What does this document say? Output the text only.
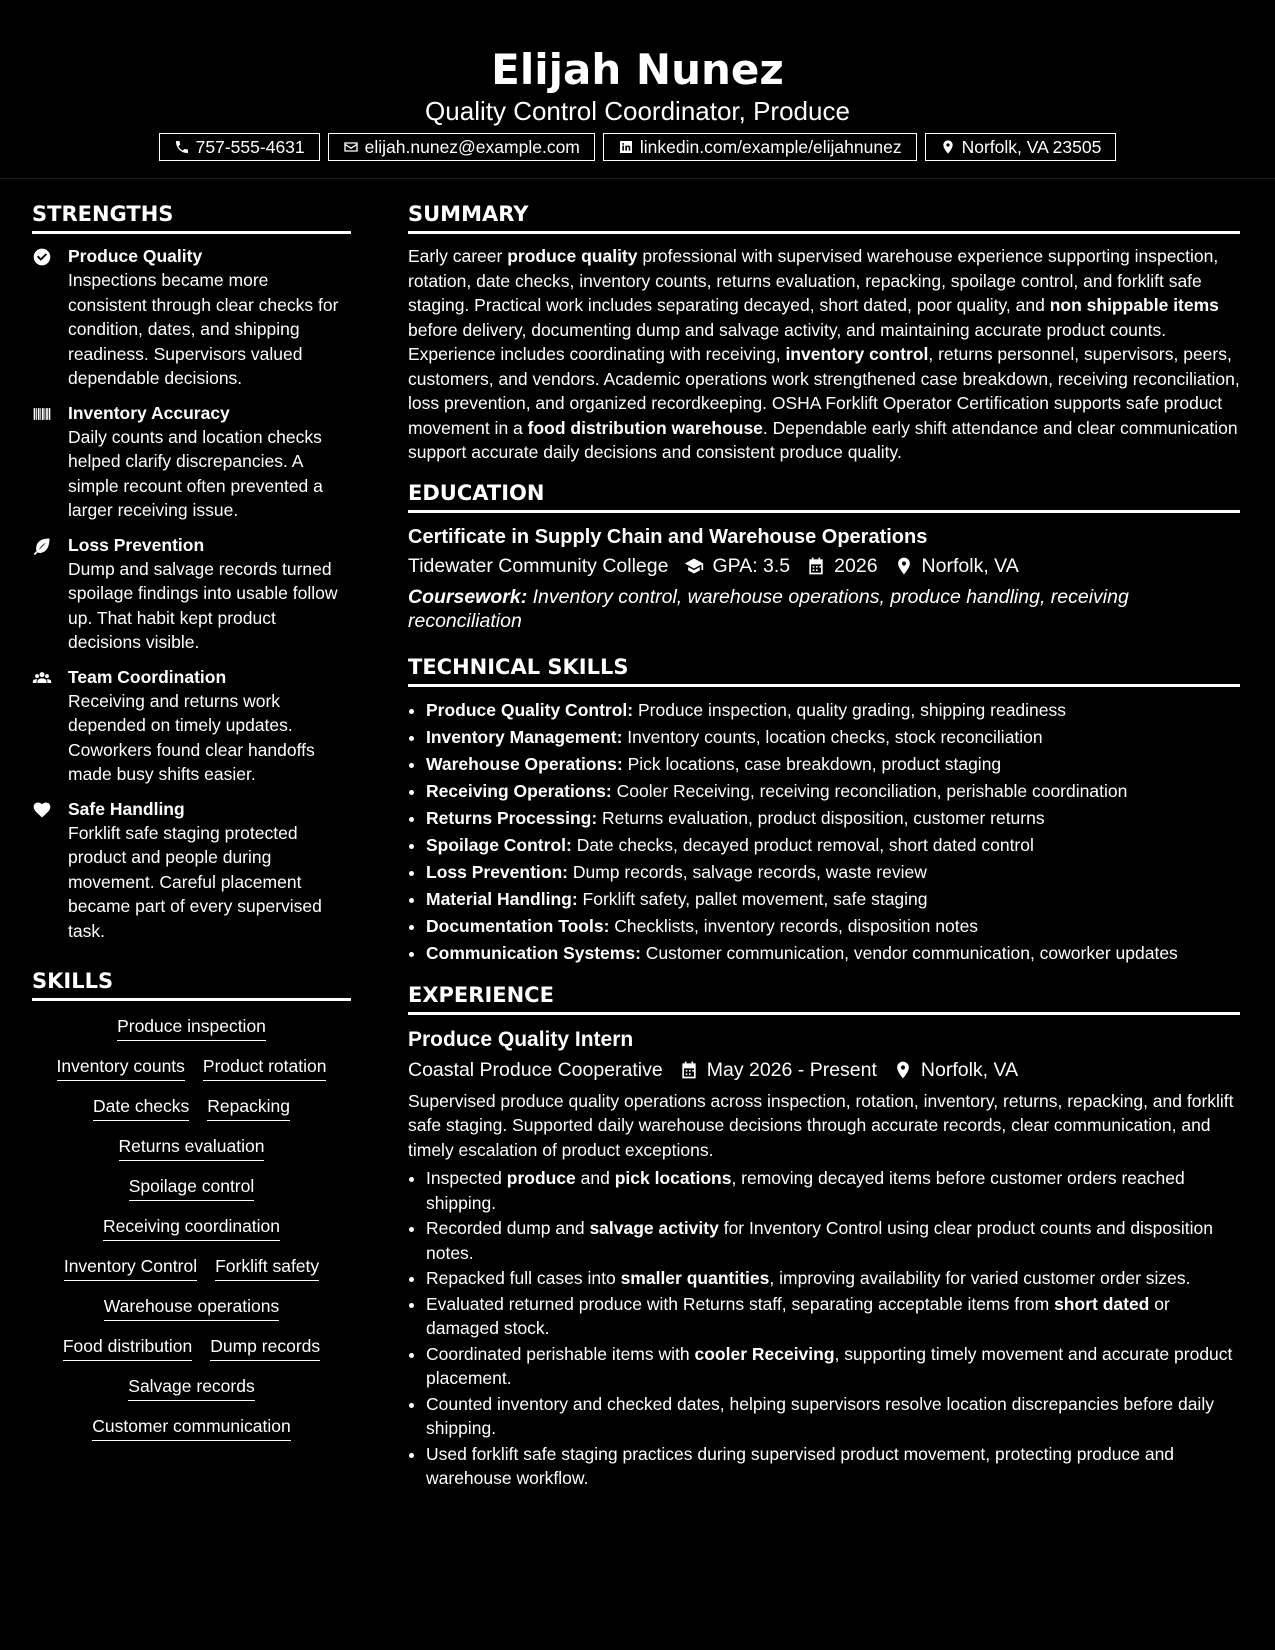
Elijah Nunez
Quality Control Coordinator, Produce
757-555-4631	elijah.nunez@example.com	linkedin.com/example/elijahnunez	Norfolk, VA 23505
STRENGTHS
Produce Quality
Inspections became more consistent through clear checks for condition, dates, and shipping readiness. Supervisors valued dependable decisions.
Inventory Accuracy
Daily counts and location checks helped clarify discrepancies. A simple recount often prevented a larger receiving issue.
Loss Prevention
Dump and salvage records turned spoilage findings into usable follow up. That habit kept product decisions visible.
Team Coordination
Receiving and returns work depended on timely updates. Coworkers found clear handoffs made busy shifts easier.
Safe Handling
Forklift safe staging protected product and people during movement. Careful placement became part of every supervised task.
SKILLS
Produce inspection
Inventory counts Product rotation
Date checks Repacking
Returns evaluation
Spoilage control
Receiving coordination
Inventory Control Forklift safety
Warehouse operations
Food distribution Dump records
Salvage records
Customer communication
SUMMARY

Early career produce quality professional with supervised warehouse experience supporting inspection, rotation, date checks, inventory counts, returns evaluation, repacking, spoilage control, and forklift safe staging. Practical work includes separating decayed, short dated, poor quality, and non shippable items before delivery, documenting dump and salvage activity, and maintaining accurate product counts. Experience includes coordinating with receiving, inventory control, returns personnel, supervisors, peers, customers, and vendors. Academic operations work strengthened case breakdown, receiving reconciliation, loss prevention, and organized recordkeeping. OSHA Forklift Operator Certification supports safe product movement in a food distribution warehouse. Dependable early shift attendance and clear communication support accurate daily decisions and consistent produce quality.

EDUCATION
Certificate in Supply Chain and Warehouse Operations
Tidewater Community College GPA: 3.5 2026 Norfolk, VA
Coursework: Inventory control, warehouse operations, produce handling, receiving reconciliation
TECHNICAL SKILLS
• Produce Quality Control: Produce inspection, quality grading, shipping readiness
• Inventory Management: Inventory counts, location checks, stock reconciliation
• Warehouse Operations: Pick locations, case breakdown, product staging
• Receiving Operations: Cooler Receiving, receiving reconciliation, perishable coordination
• Returns Processing: Returns evaluation, product disposition, customer returns
• Spoilage Control: Date checks, decayed product removal, short dated control
• Loss Prevention: Dump records, salvage records, waste review
• Material Handling: Forklift safety, pallet movement, safe staging
• Documentation Tools: Checklists, inventory records, disposition notes
• Communication Systems: Customer communication, vendor communication, coworker updates
EXPERIENCE
Produce Quality Intern
Coastal Produce Cooperative May 2026 - Present Norfolk, VA

Supervised produce quality operations across inspection, rotation, inventory, returns, repacking, and forklift safe staging. Supported daily warehouse decisions through accurate records, clear communication, and timely escalation of product exceptions.

• Inspected produce and pick locations, removing decayed items before customer orders reached shipping.
• Recorded dump and salvage activity for Inventory Control using clear product counts and disposition notes.
• Repacked full cases into smaller quantities, improving availability for varied customer order sizes.
• Evaluated returned produce with Returns staff, separating acceptable items from short dated or damaged stock.
• Coordinated perishable items with cooler Receiving, supporting timely movement and accurate product placement.
• Counted inventory and checked dates, helping supervisors resolve location discrepancies before daily shipping.
• Used forklift safe staging practices during supervised product movement, protecting produce and warehouse workflow.
